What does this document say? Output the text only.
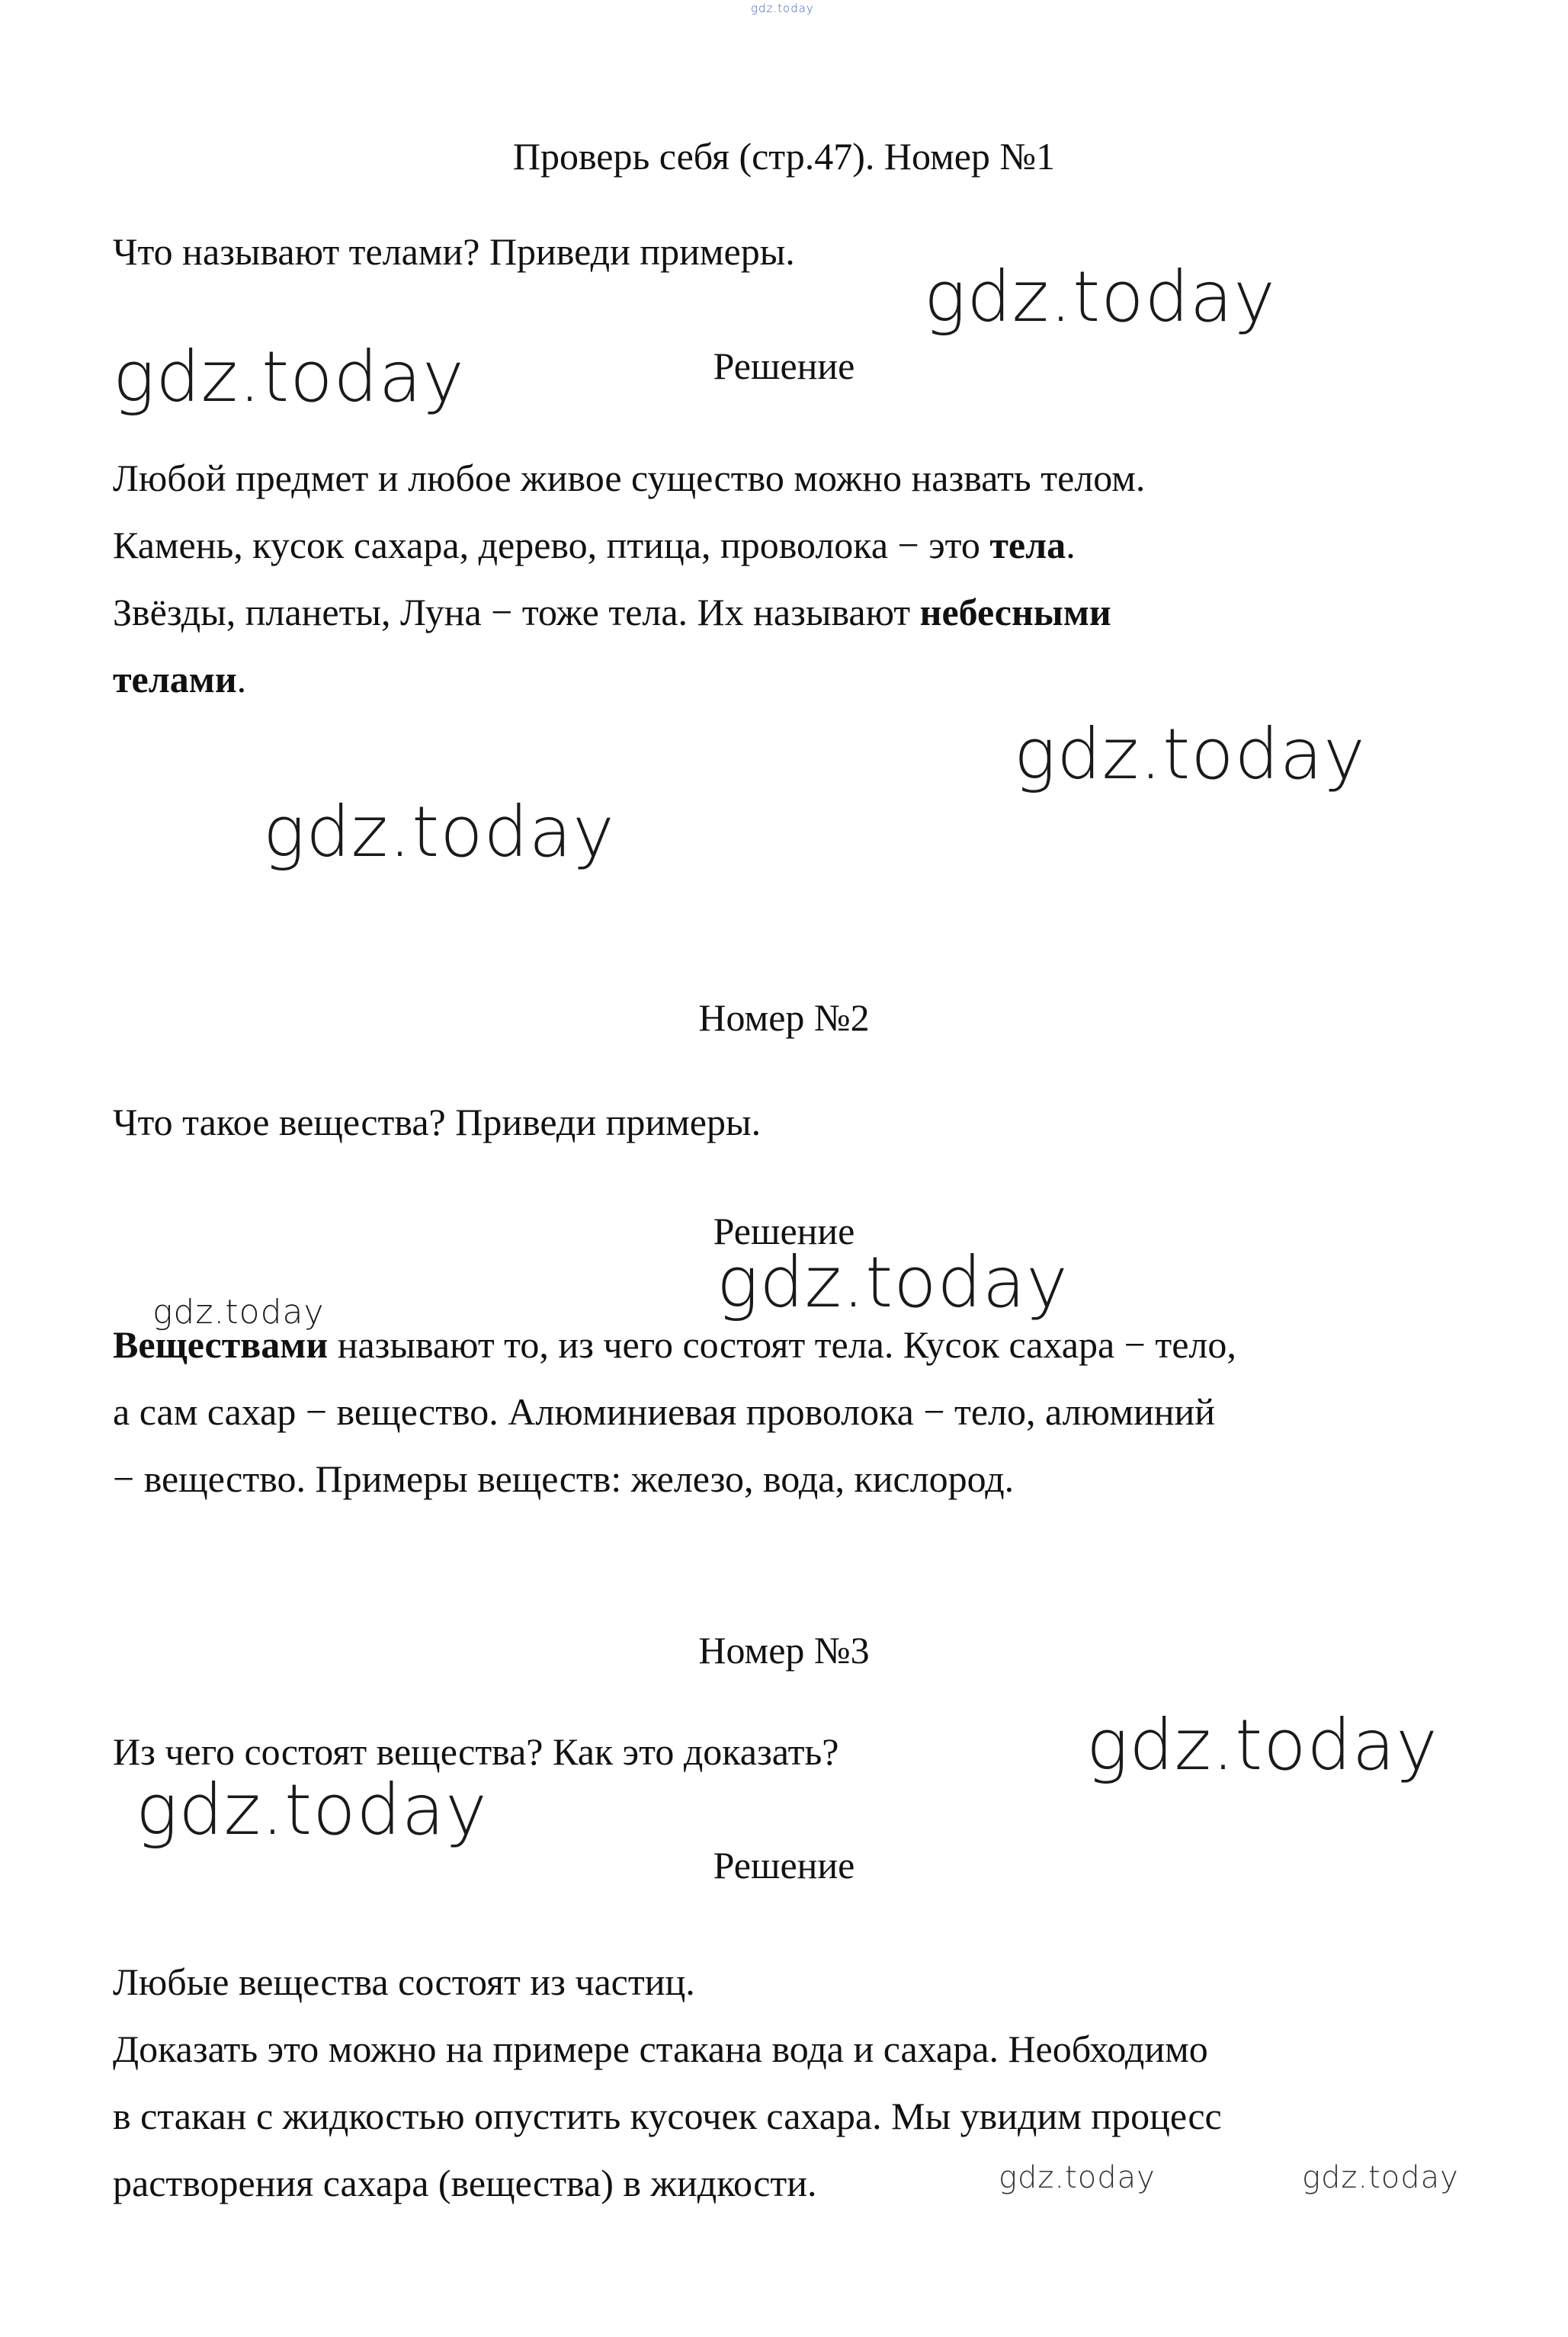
gdz.today
Проверь себя (стр.47). Номер №1
Что называют телами? Приведи примеры.
gdz.today
gdz.today	Решение
Любой предмет и любое живое существо можно назвать телом.
Камень, кусок сахара, дерево, птица, проволока − это тела.
Звёзды, планеты, Луна − тоже тела. Их называют небесными
телами.
gdz.today
gdz.today
Номер №2
Что такое вещества? Приведи примеры.
Решение
gdz.today
gdz.today
Веществами называют то, из чего состоят тела. Кусок сахара − тело,
а сам сахар − вещество. Алюминиевая проволока − тело, алюминий
− вещество. Примеры веществ: железо, вода, кислород.
Номер №3
Из чего состоят вещества? Как это доказать?	gdz.today
gdz.today
Решение
Любые вещества состоят из частиц.
Доказать это можно на примере стакана вода и сахара. Необходимо
в стакан с жидкостью опустить кусочек сахара. Мы увидим процесс
растворения сахара (вещества) в жидкости.	gdz.today	gdz.today
